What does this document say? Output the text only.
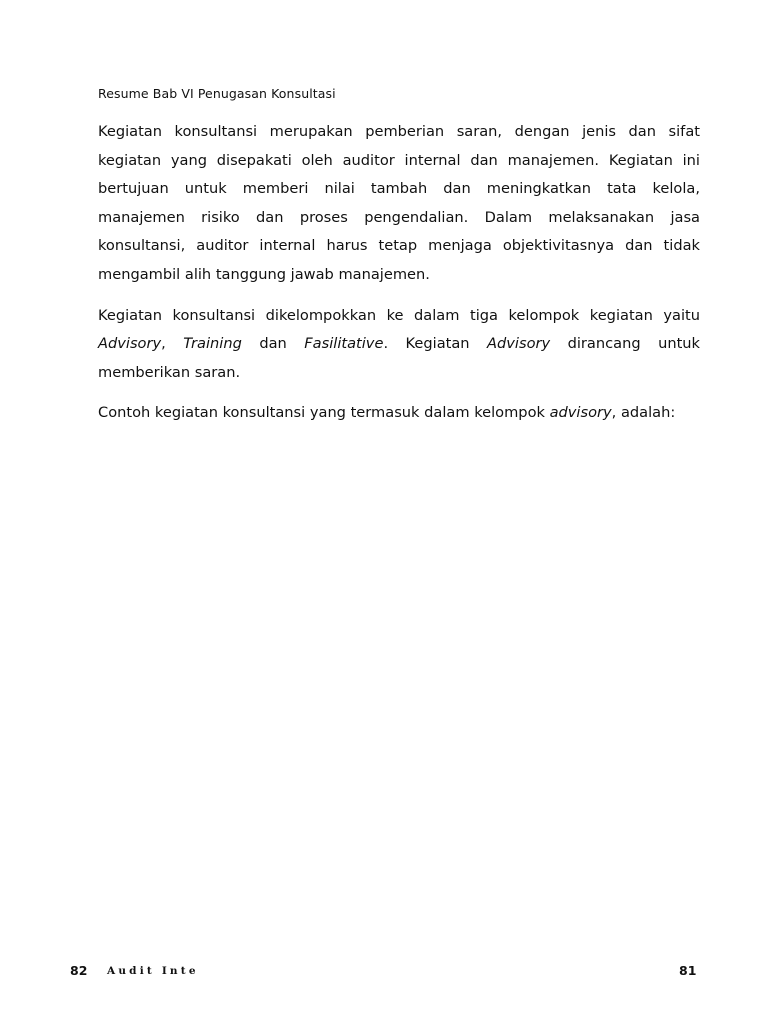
Resume Bab VI Penugasan Konsultasi

Kegiatan konsultansi merupakan pemberian saran, dengan jenis dan sifat kegiatan yang disepakati oleh auditor internal dan manajemen. Kegiatan ini bertujuan untuk memberi nilai tambah dan meningkatkan tata kelola, manajemen risiko dan proses pengendalian. Dalam melaksanakan jasa konsultansi, auditor internal harus tetap menjaga objektivitasnya dan tidak mengambil alih tanggung jawab manajemen.

Kegiatan konsultansi dikelompokkan ke dalam tiga kelompok kegiatan yaitu Advisory, Training dan Fasilitative. Kegiatan Advisory dirancang untuk memberikan saran.

Contoh kegiatan konsultansi yang termasuk dalam kelompok advisory, adalah:

82 Audit Inte	81
